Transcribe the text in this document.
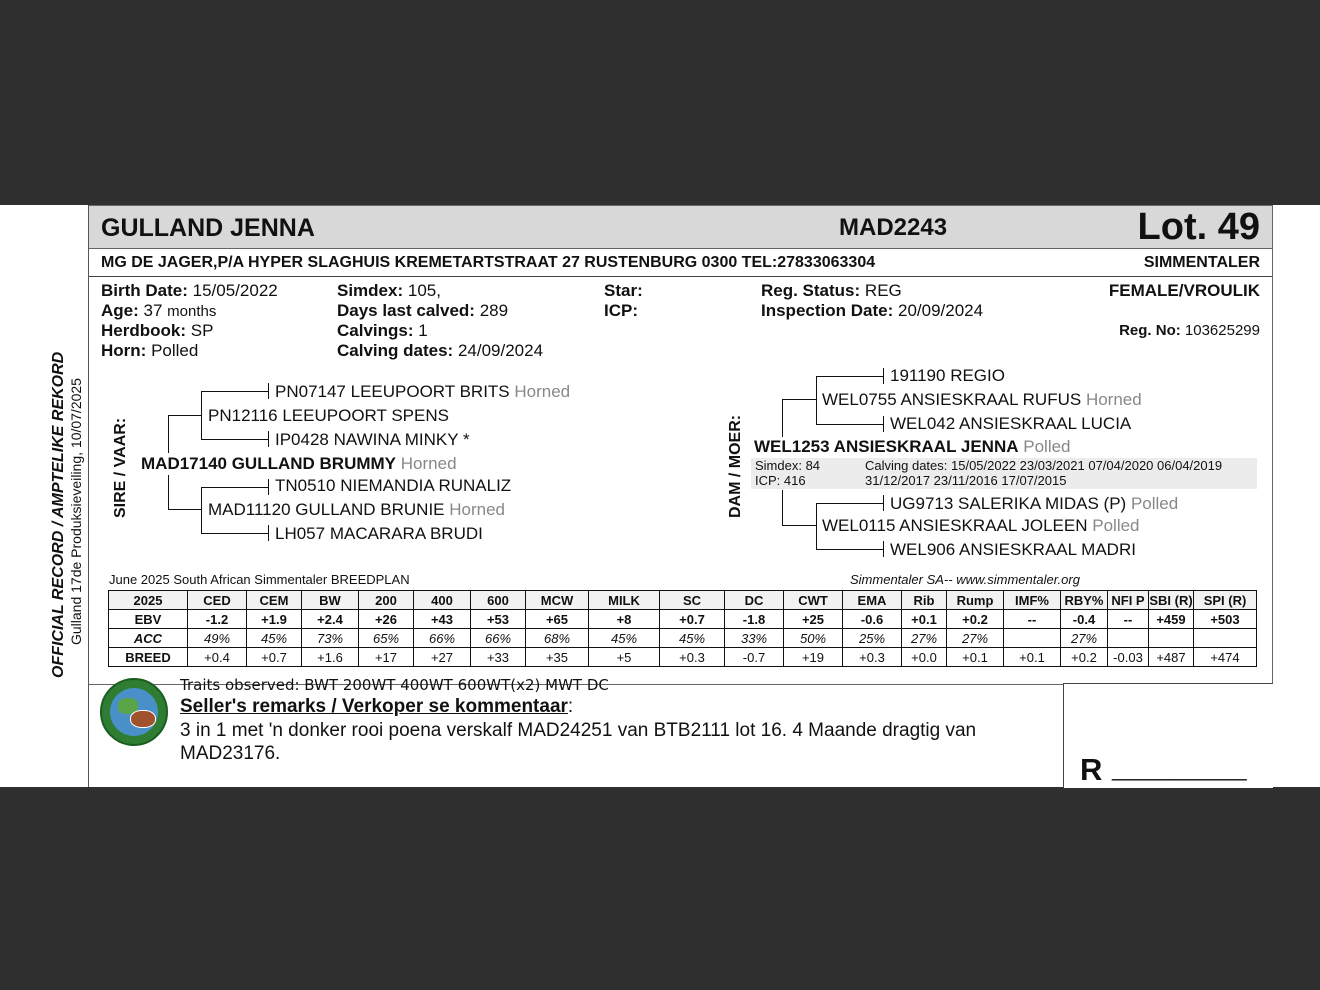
OFFICIAL RECORD / AMPTELIKE REKORD Gulland 17de Produksieveiling, 10/07/2025
GULLAND JENNA	MAD2243	Lot. 49
MG DE JAGER,P/A HYPER SLAGHUIS KREMETARTSTRAAT 27 RUSTENBURG 0300 TEL:27833063304	SIMMENTALER
Birth Date: 15/05/2022
Age: 37 months
Herdbook: SP
Horn: Polled
Simdex: 105,
Days last calved: 289
Calvings: 1
Calving dates: 24/09/2024
Star:
ICP:
Reg. Status: REG
Inspection Date: 20/09/2024
FEMALE/VROULIK
Reg. No: 103625299
SIRE / VAAR:
PN07147 LEEUPOORT BRITS Horned
PN12116 LEEUPOORT SPENS
IP0428 NAWINA MINKY *
MAD17140 GULLAND BRUMMY Horned
TN0510 NIEMANDIA RUNALIZ
MAD11120 GULLAND BRUNIE Horned
LH057 MACARARA BRUDI
DAM / MOER:
191190 REGIO
WEL0755 ANSIESKRAAL RUFUS Horned
WEL042 ANSIESKRAAL LUCIA
WEL1253 ANSIESKRAAL JENNA Polled
Simdex: 84
ICP: 416
Calving dates: 15/05/2022 23/03/2021 07/04/2020 06/04/2019
31/12/2017 23/11/2016 17/07/2015
UG9713 SALERIKA MIDAS (P) Polled
WEL0115 ANSIESKRAAL JOLEEN Polled
WEL906 ANSIESKRAAL MADRI
June 2025 South African Simmentaler BREEDPLAN	Simmentaler SA-- www.simmentaler.org
2025	CED	CEM	BW	200	400	600	MCW	MILK	SC	DC	CWT	EMA	Rib	Rump	IMF%	RBY%	NFI P	SBI (R)	SPI (R)
EBV	-1.2	+1.9	+2.4	+26	+43	+53	+65	+8	+0.7	-1.8	+25	-0.6	+0.1	+0.2	--	-0.4	--	+459	+503
ACC	49%	45%	73%	65%	66%	66%	68%	45%	45%	33%	50%	25%	27%	27%		27%			
BREED	+0.4	+0.7	+1.6	+17	+27	+33	+35	+5	+0.3	-0.7	+19	+0.3	+0.0	+0.1	+0.1	+0.2	-0.03	+487	+474
Traits observed: BWT 200WT 400WT 600WT(x2) MWT DC
Seller's remarks / Verkoper se kommentaar:
3 in 1 met 'n donker rooi poena verskalf MAD24251 van BTB2111 lot 16. 4 Maande dragtig van
MAD23176.	R ___________
